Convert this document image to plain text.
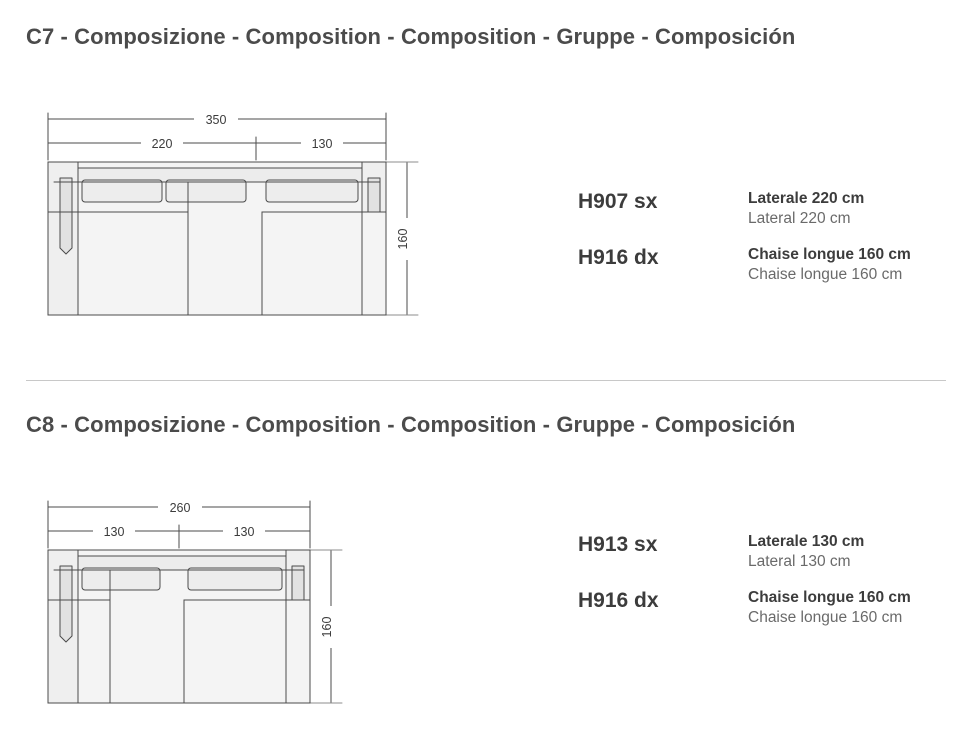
C7 - Composizione - Composition - Composition - Gruppe - Composición
350
220	130
160
H907 sx	Laterale 220 cm
Lateral 220 cm
H916 dx	Chaise longue 160 cm
Chaise longue 160 cm
C8 - Composizione - Composition - Composition - Gruppe - Composición
260
130	130
160
H913 sx	Laterale 130 cm
Lateral 130 cm
H916 dx	Chaise longue 160 cm
Chaise longue 160 cm
